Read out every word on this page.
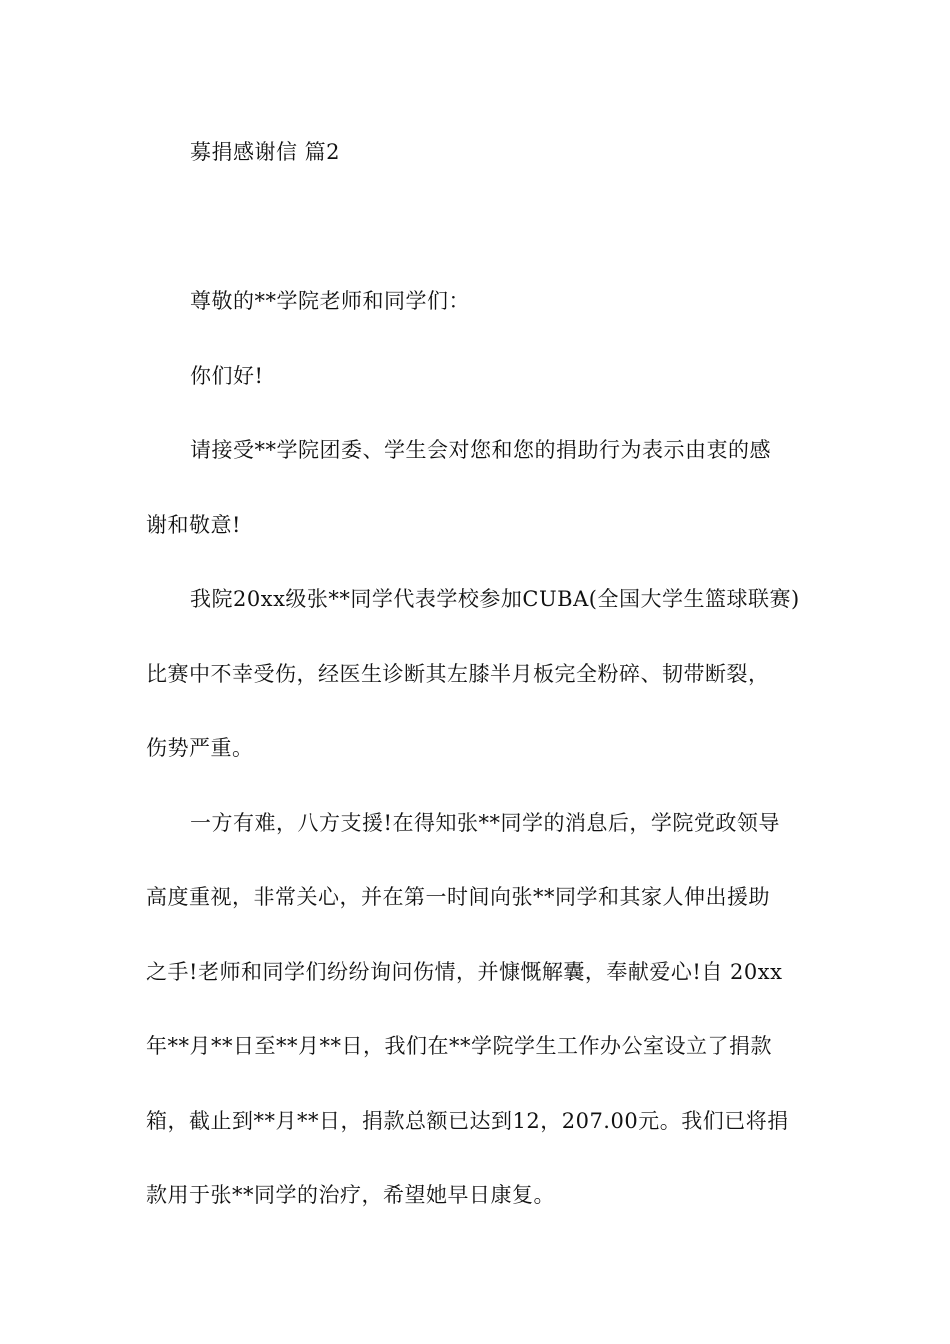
募捐感谢信 篇2
尊敬的**学院老师和同学们：
你们好!
请接受**学院团委、学生会对您和您的捐助行为表示由衷的感
谢和敬意!
我院20xx级张**同学代表学校参加CUBA(全国大学生篮球联赛)
比赛中不幸受伤，经医生诊断其左膝半月板完全粉碎、韧带断裂，
伤势严重。
一方有难，八方支援!在得知张**同学的消息后，学院党政领导
高度重视，非常关心，并在第一时间向张**同学和其家人伸出援助
之手!老师和同学们纷纷询问伤情，并慷慨解囊，奉献爱心!自 20xx
年**月**日至**月**日，我们在**学院学生工作办公室设立了捐款
箱，截止到**月**日，捐款总额已达到12，207.00元。我们已将捐
款用于张**同学的治疗，希望她早日康复。
